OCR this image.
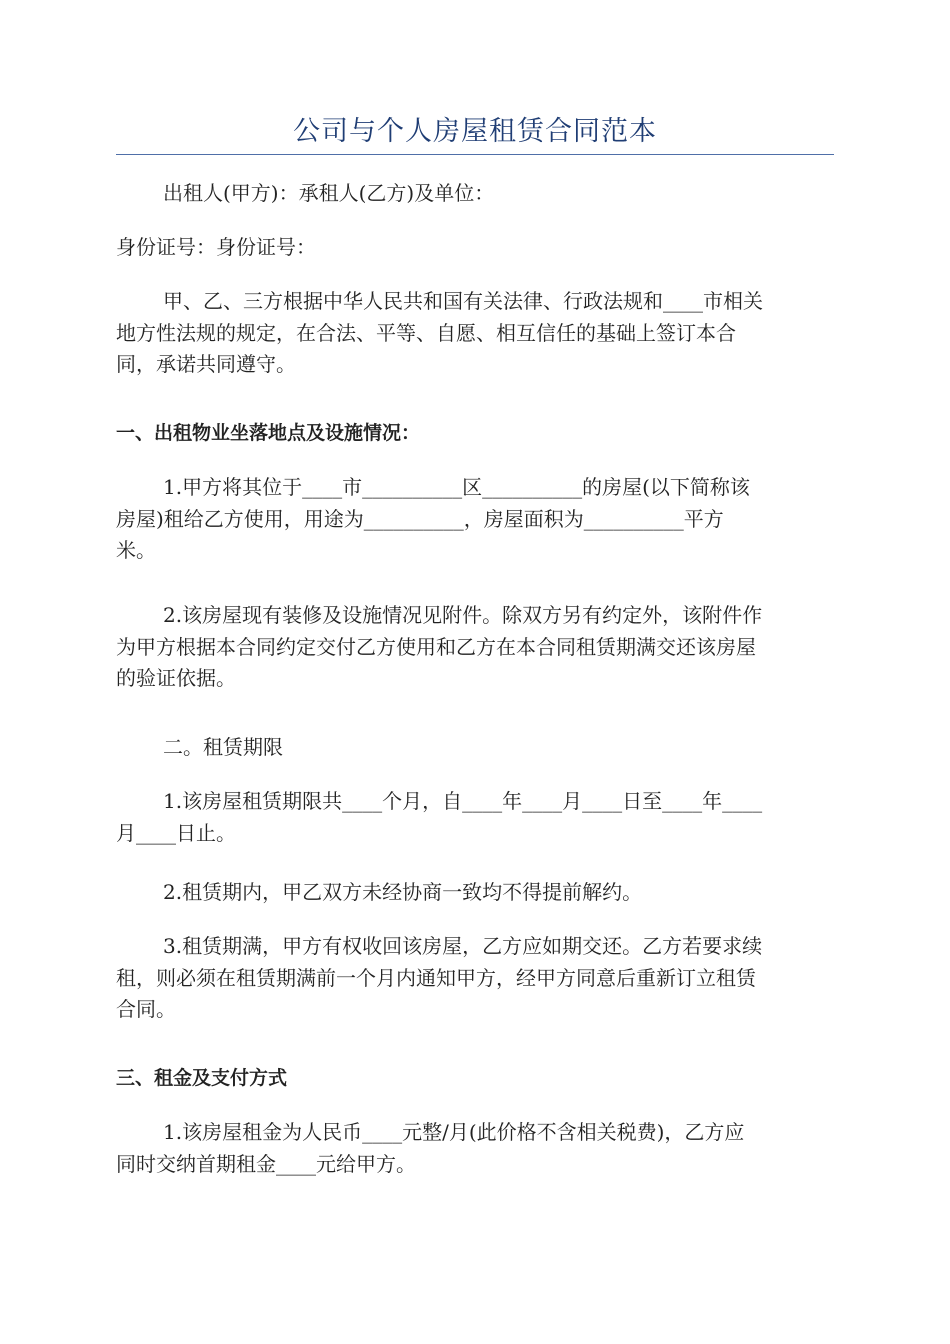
公司与个人房屋租赁合同范本

出租人(甲方)：承租人(乙方)及单位：

身份证号：身份证号：

甲、乙、三方根据中华人民共和国有关法律、行政法规和____市相关
地方性法规的规定，在合法、平等、自愿、相互信任的基础上签订本合
同，承诺共同遵守。

一、出租物业坐落地点及设施情况：

1.甲方将其位于____市__________区__________的房屋(以下简称该
房屋)租给乙方使用，用途为__________，房屋面积为__________平方
米。

2.该房屋现有装修及设施情况见附件。除双方另有约定外，该附件作
为甲方根据本合同约定交付乙方使用和乙方在本合同租赁期满交还该房屋
的验证依据。

二。租赁期限

1.该房屋租赁期限共____个月，自____年____月____日至____年____
月____日止。

2.租赁期内，甲乙双方未经协商一致均不得提前解约。

3.租赁期满，甲方有权收回该房屋，乙方应如期交还。乙方若要求续
租，则必须在租赁期满前一个月内通知甲方，经甲方同意后重新订立租赁
合同。

三、租金及支付方式

1.该房屋租金为人民币____元整/月(此价格不含相关税费)，乙方应
同时交纳首期租金____元给甲方。
